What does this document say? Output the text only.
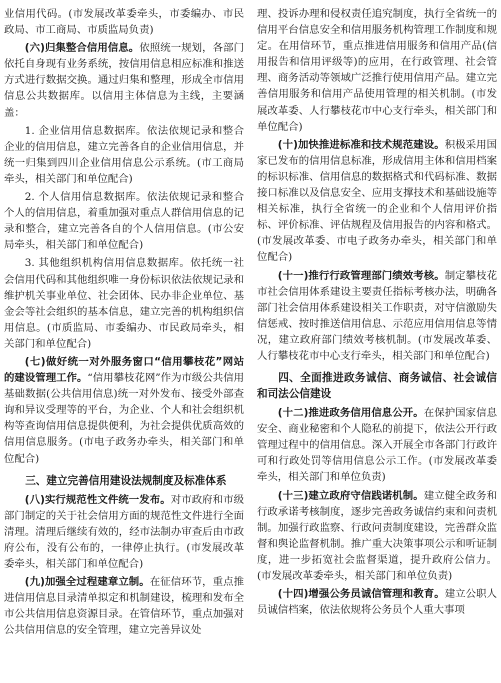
业信用代码。(市发展改革委牵头，市委编办、市民政局、市工商局、市质监局负责)

(六)归集整合信用信息。依照统一规划，各部门依托自身现有业务系统，按信用信息相应标准和推送方式进行数据交换。通过归集和整理，形成全市信用信息公共数据库。以信用主体信息为主线，主要涵盖：

1. 企业信用信息数据库。依法依规记录和整合企业的信用信息，建立完善各自的企业信用信息，并统一归集到四川企业信用信息公示系统。(市工商局牵头，相关部门和单位配合)

2. 个人信用信息数据库。依法依规记录和整合个人的信用信息，着重加强对重点人群信用信息的记录和整合，建立完善各自的个人信用信息。(市公安局牵头，相关部门和单位配合)

3. 其他组织机构信用信息数据库。依托统一社会信用代码和其他组织唯一身份标识依法依规记录和维护机关事业单位、社会团体、民办非企业单位、基金会等社会组织的基本信息，建立完善的机构组织信用信息。(市质监局、市委编办、市民政局牵头，相关部门和单位配合)

(七)做好统一对外服务窗口“信用攀枝花”网站的建设管理工作。“信用攀枝花网”作为市级公共信用基础数据(公共信用信息)统一对外发布、接受外部查询和异议受理等的平台，为企业、个人和社会组织机构等查询信用信息提供便利，为社会提供优质高效的信用信息服务。(市电子政务办牵头，相关部门和单位配合)

三、建立完善信用建设法规制度及标准体系

(八)实行规范性文件统一发布。对市政府和市级部门制定的关于社会信用方面的规范性文件进行全面清理。清理后继续有效的，经市法制办审查后由市政府公布，没有公布的，一律停止执行。(市发展改革委牵头，相关部门和单位配合)

(九)加强全过程建章立制。在征信环节，重点推进信用信息目录清单拟定和机制建设，梳理和发布全市公共信用信息资源目录。在管信环节，重点加强对公共信用信息的安全管理，建立完善异议处

理、投诉办理和侵权责任追究制度，执行全省统一的信用平台信息安全和信用服务机构管理工作制度和规定。在用信环节，重点推进信用服务和信用产品(信用报告和信用评级等)的应用，在行政管理、社会管理、商务活动等领域广泛推行使用信用产品。建立完善信用服务和信用产品使用管理的相关机制。(市发展改革委、人行攀枝花市中心支行牵头，相关部门和单位配合)

(十)加快推进标准和技术规范建设。积极采用国家已发布的信用信息标准，形成信用主体和信用档案的标识标准、信用信息的数据格式和代码标准、数据接口标准以及信息安全、应用支撑技术和基础设施等相关标准，执行全省统一的企业和个人信用评价指标、评价标准、评估规程及信用报告的内容和格式。(市发展改革委、市电子政务办牵头，相关部门和单位配合)

(十一)推行行政管理部门绩效考核。制定攀枝花市社会信用体系建设主要责任指标考核办法，明确各部门社会信用体系建设相关工作职责，对守信激励失信惩戒、按时推送信用信息、示范应用信用信息等情况，建立政府部门绩效考核机制。(市发展改革委、人行攀枝花市中心支行牵头，相关部门和单位配合)

四、全面推进政务诚信、商务诚信、社会诚信和司法公信建设

(十二)推进政务信用信息公开。在保护国家信息安全、商业秘密和个人隐私的前提下，依法公开行政管理过程中的信用信息。深入开展全市各部门行政许可和行政处罚等信用信息公示工作。(市发展改革委牵头，相关部门和单位负责)

(十三)建立政府守信践诺机制。建立健全政务和行政承诺考核制度，逐步完善政务诚信约束和问责机制。加强行政监察、行政问责制度建设，完善群众监督和舆论监督机制。推广重大决策事项公示和听证制度，进一步拓宽社会监督渠道，提升政府公信力。(市发展改革委牵头，相关部门和单位负责)

(十四)增强公务员诚信管理和教育。建立公职人员诚信档案，依法依规将公务员个人重大事项
